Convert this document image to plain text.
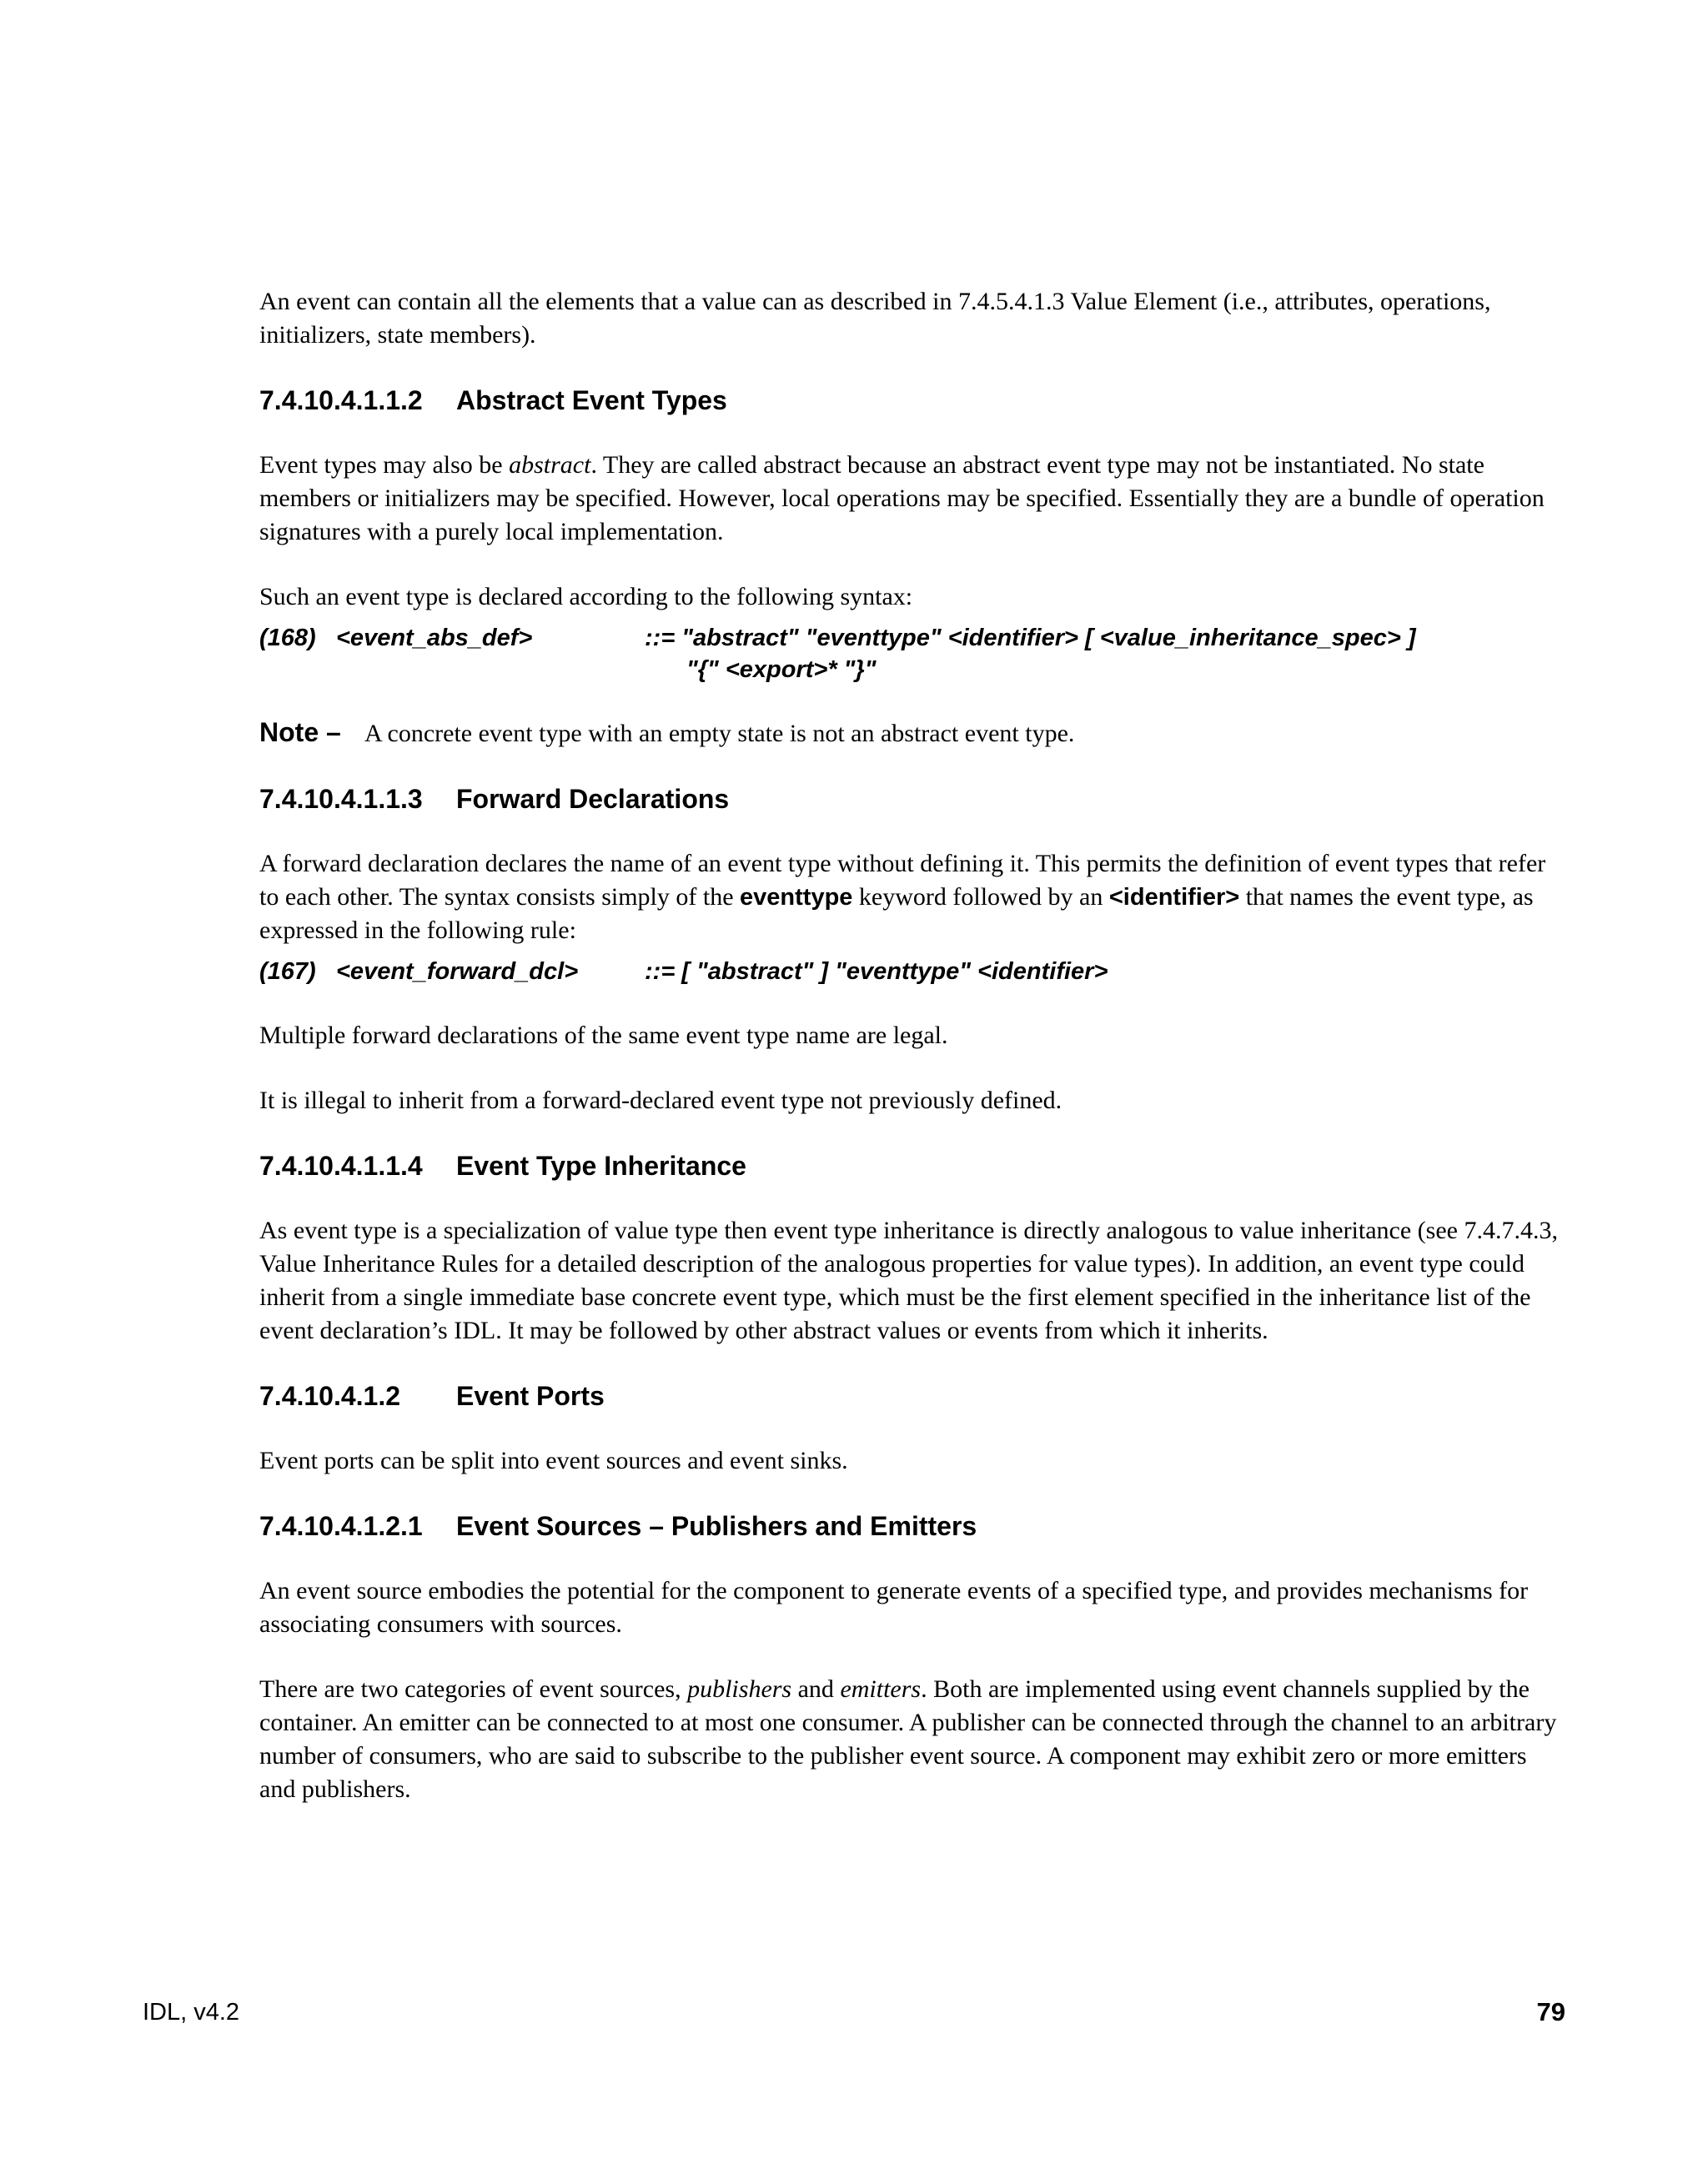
An event can contain all the elements that a value can as described in 7.4.5.4.1.3 Value Element (i.e., attributes, operations, initializers, state members).

7.4.10.4.1.1.2	Abstract Event Types

Event types may also be abstract. They are called abstract because an abstract event type may not be instantiated. No state members or initializers may be specified. However, local operations may be specified. Essentially they are a bundle of operation signatures with a purely local implementation.

Such an event type is declared according to the following syntax:

(168) <event_abs_def>	::= "abstract" "eventtype" <identifier> [ <value_inheritance_spec> ]
"{" <export>* "}"
Note – A concrete event type with an empty state is not an abstract event type.

7.4.10.4.1.1.3	Forward Declarations

A forward declaration declares the name of an event type without defining it. This permits the definition of event types that refer to each other. The syntax consists simply of the eventtype keyword followed by an <identifier> that names the event type, as expressed in the following rule:

(167) <event_forward_dcl>	::= [ "abstract" ] "eventtype" <identifier>

Multiple forward declarations of the same event type name are legal.

It is illegal to inherit from a forward-declared event type not previously defined.

7.4.10.4.1.1.4	Event Type Inheritance

As event type is a specialization of value type then event type inheritance is directly analogous to value inheritance (see 7.4.7.4.3, Value Inheritance Rules for a detailed description of the analogous properties for value types). In addition, an event type could inherit from a single immediate base concrete event type, which must be the first element specified in the inheritance list of the event declaration’s IDL. It may be followed by other abstract values or events from which it inherits.

7.4.10.4.1.2	Event Ports

Event ports can be split into event sources and event sinks.

7.4.10.4.1.2.1	Event Sources – Publishers and Emitters

An event source embodies the potential for the component to generate events of a specified type, and provides mechanisms for associating consumers with sources.

There are two categories of event sources, publishers and emitters. Both are implemented using event channels supplied by the container. An emitter can be connected to at most one consumer. A publisher can be connected through the channel to an arbitrary number of consumers, who are said to subscribe to the publisher event source. A component may exhibit zero or more emitters and publishers.

IDL, v4.2	79
